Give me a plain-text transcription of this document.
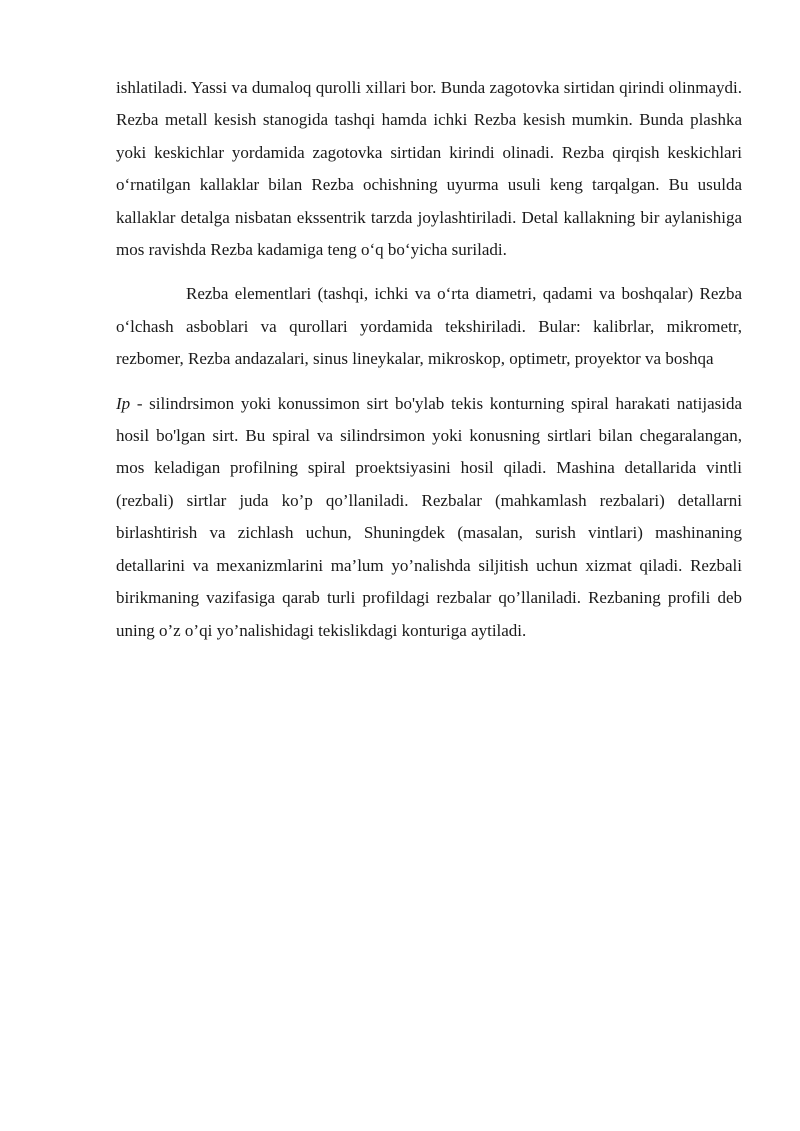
ishlatiladi. Yassi va dumaloq qurolli xillari bor. Bunda zagotovka sirtidan qirindi olinmaydi. Rezba metall kesish stanogida tashqi hamda ichki Rezba kesish mumkin. Bunda plashka yoki keskichlar yordamida zagotovka sirtidan kirindi olinadi. Rezba qirqish keskichlari o‘rnatilgan kallaklar bilan Rezba ochishning uyurma usuli keng tarqalgan. Bu usulda kallaklar detalga nisbatan ekssentrik tarzda joylashtiriladi. Detal kallakning bir aylanishiga mos ravishda Rezba kadamiga teng o‘q bo‘yicha suriladi.

Rezba elementlari (tashqi, ichki va o‘rta diametri, qadami va boshqalar) Rezba o‘lchash asboblari va qurollari yordamida tekshiriladi. Bular: kalibrlar, mikrometr, rezbomer, Rezba andazalari, sinus lineykalar, mikroskop, optimetr, proyektor va boshqa

Ip - silindrsimon yoki konussimon sirt bo'ylab tekis konturning spiral harakati natijasida hosil bo'lgan sirt. Bu spiral va silindrsimon yoki konusning sirtlari bilan chegaralangan, mos keladigan profilning spiral proektsiyasini hosil qiladi. Mashina detallarida vintli (rezbali) sirtlar juda ko’p qo’llaniladi. Rezbalar (mahkamlash rezbalari) detallarni birlashtirish va zichlash uchun, Shuningdek (masalan, surish vintlari) mashinaning detallarini va mexanizmlarini ma’lum yo’nalishda siljitish uchun xizmat qiladi. Rezbali birikmaning vazifasiga qarab turli profildagi rezbalar qo’llaniladi. Rezbaning profili deb uning o’z o’qi yo’nalishidagi tekislikdagi konturiga aytiladi.
